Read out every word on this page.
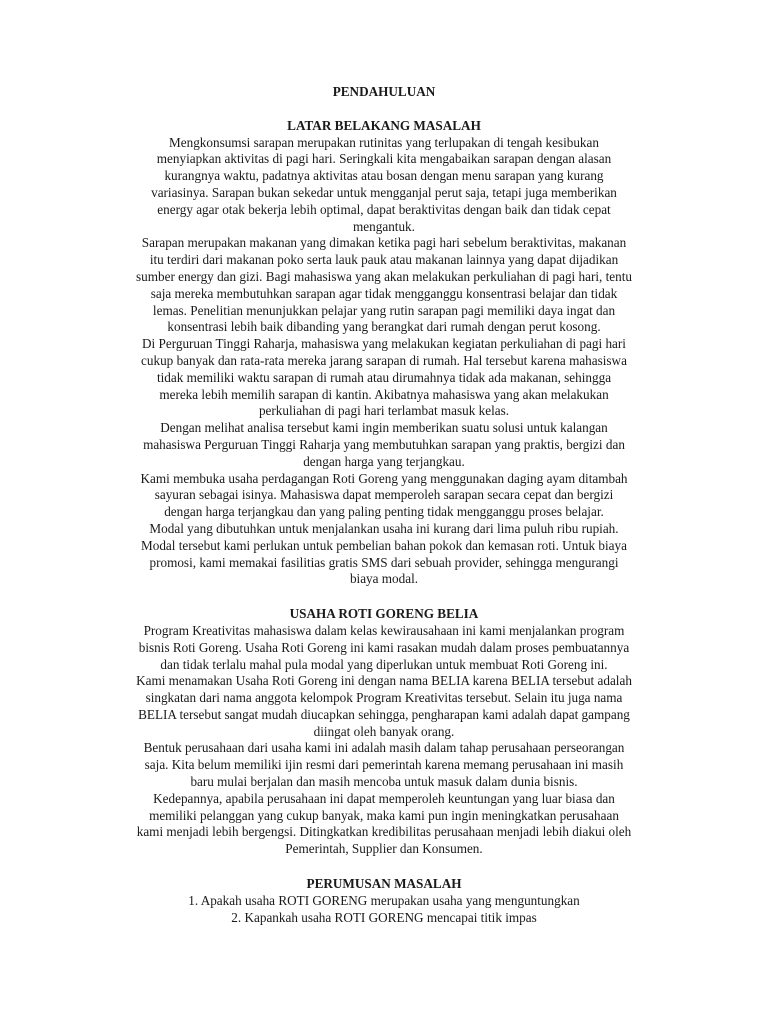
PENDAHULUAN

LATAR BELAKANG MASALAH

Mengkonsumsi sarapan merupakan rutinitas yang terlupakan di tengah kesibukan

menyiapkan aktivitas di pagi hari. Seringkali kita mengabaikan sarapan dengan alasan

kurangnya waktu, padatnya aktivitas atau bosan dengan menu sarapan yang kurang

variasinya. Sarapan bukan sekedar untuk mengganjal perut saja, tetapi juga memberikan

energy agar otak bekerja lebih optimal, dapat beraktivitas dengan baik dan tidak cepat

mengantuk.

Sarapan merupakan makanan yang dimakan ketika pagi hari sebelum beraktivitas, makanan

itu terdiri dari makanan poko serta lauk pauk atau makanan lainnya yang dapat dijadikan

sumber energy dan gizi. Bagi mahasiswa yang akan melakukan perkuliahan di pagi hari, tentu

saja mereka membutuhkan sarapan agar tidak mengganggu konsentrasi belajar dan tidak

lemas. Penelitian menunjukkan pelajar yang rutin sarapan pagi memiliki daya ingat dan

konsentrasi lebih baik dibanding yang berangkat dari rumah dengan perut kosong.

Di Perguruan Tinggi Raharja, mahasiswa yang melakukan kegiatan perkuliahan di pagi hari

cukup banyak dan rata-rata mereka jarang sarapan di rumah. Hal tersebut karena mahasiswa

tidak memiliki waktu sarapan di rumah atau dirumahnya tidak ada makanan, sehingga

mereka lebih memilih sarapan di kantin. Akibatnya mahasiswa yang akan melakukan

perkuliahan di pagi hari terlambat masuk kelas.

Dengan melihat analisa tersebut kami ingin memberikan suatu solusi untuk kalangan

mahasiswa Perguruan Tinggi Raharja yang membutuhkan sarapan yang praktis, bergizi dan

dengan harga yang terjangkau.

Kami membuka usaha perdagangan Roti Goreng yang menggunakan daging ayam ditambah

sayuran sebagai isinya. Mahasiswa dapat memperoleh sarapan secara cepat dan bergizi

dengan harga terjangkau dan yang paling penting tidak mengganggu proses belajar.

Modal yang dibutuhkan untuk menjalankan usaha ini kurang dari lima puluh ribu rupiah.

Modal tersebut kami perlukan untuk pembelian bahan pokok dan kemasan roti. Untuk biaya

promosi, kami memakai fasilitias gratis SMS dari sebuah provider, sehingga mengurangi

biaya modal.

USAHA ROTI GORENG BELIA

Program Kreativitas mahasiswa dalam kelas kewirausahaan ini kami menjalankan program

bisnis Roti Goreng. Usaha Roti Goreng ini kami rasakan mudah dalam proses pembuatannya

dan tidak terlalu mahal pula modal yang diperlukan untuk membuat Roti Goreng ini.

Kami menamakan Usaha Roti Goreng ini dengan nama BELIA karena BELIA tersebut adalah

singkatan dari nama anggota kelompok Program Kreativitas tersebut. Selain itu juga nama

BELIA tersebut sangat mudah diucapkan sehingga, pengharapan kami adalah dapat gampang

diingat oleh banyak orang.

Bentuk perusahaan dari usaha kami ini adalah masih dalam tahap perusahaan perseorangan

saja. Kita belum memiliki ijin resmi dari pemerintah karena memang perusahaan ini masih

baru mulai berjalan dan masih mencoba untuk masuk dalam dunia bisnis.

Kedepannya, apabila perusahaan ini dapat memperoleh keuntungan yang luar biasa dan

memiliki pelanggan yang cukup banyak, maka kami pun ingin meningkatkan perusahaan

kami menjadi lebih bergengsi. Ditingkatkan kredibilitas perusahaan menjadi lebih diakui oleh

Pemerintah, Supplier dan Konsumen.

PERUMUSAN MASALAH

1. Apakah usaha ROTI GORENG merupakan usaha yang menguntungkan

2. Kapankah usaha ROTI GORENG mencapai titik impas
